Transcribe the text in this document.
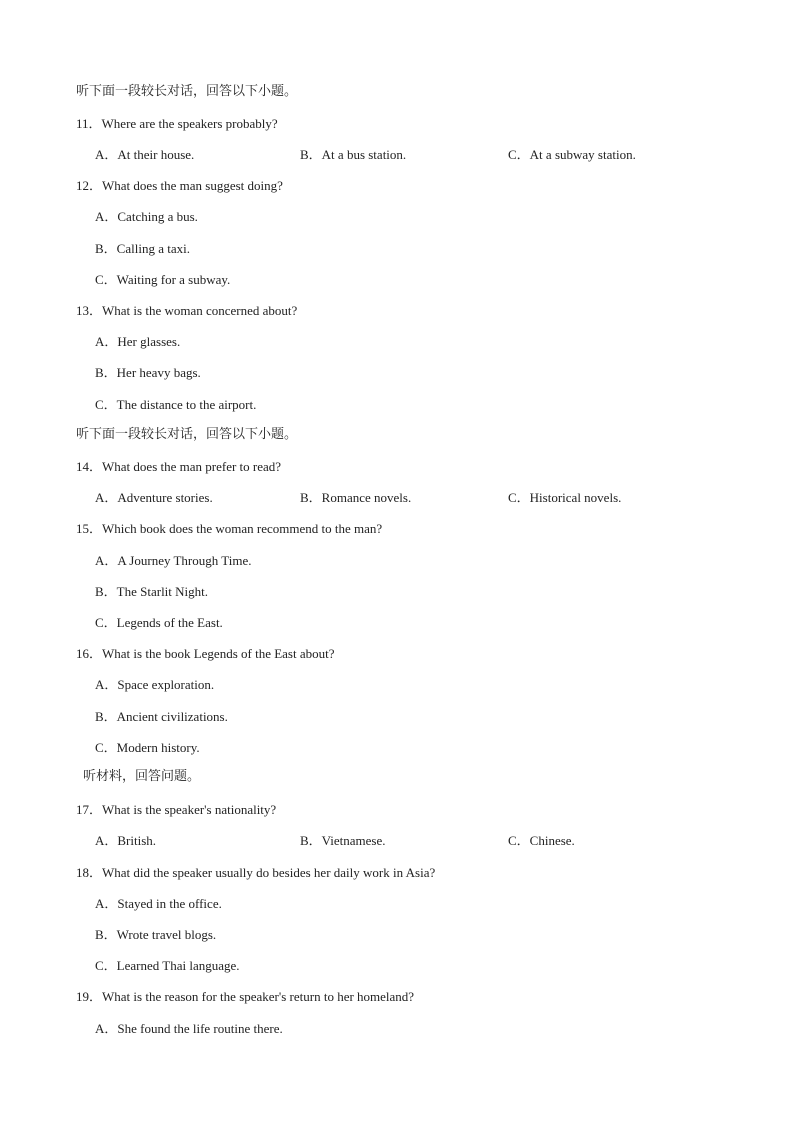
听下面一段较长对话，回答以下小题。
11．Where are the speakers probably?
A．At their house.	B．At a bus station.	C．At a subway station.
12．What does the man suggest doing?
A．Catching a bus.
B．Calling a taxi.
C．Waiting for a subway.
13．What is the woman concerned about?
A．Her glasses.
B．Her heavy bags.
C．The distance to the airport.
听下面一段较长对话，回答以下小题。
14．What does the man prefer to read?
A．Adventure stories.	B．Romance novels.	C．Historical novels.
15．Which book does the woman recommend to the man?
A．A Journey Through Time.
B．The Starlit Night.
C．Legends of the East.
16．What is the book Legends of the East about?
A．Space exploration.
B．Ancient civilizations.
C．Modern history.
听材料，回答问题。
17．What is the speaker's nationality?
A．British.	B．Vietnamese.	C．Chinese.
18．What did the speaker usually do besides her daily work in Asia?
A．Stayed in the office.
B．Wrote travel blogs.
C．Learned Thai language.
19．What is the reason for the speaker's return to her homeland?
A．She found the life routine there.
